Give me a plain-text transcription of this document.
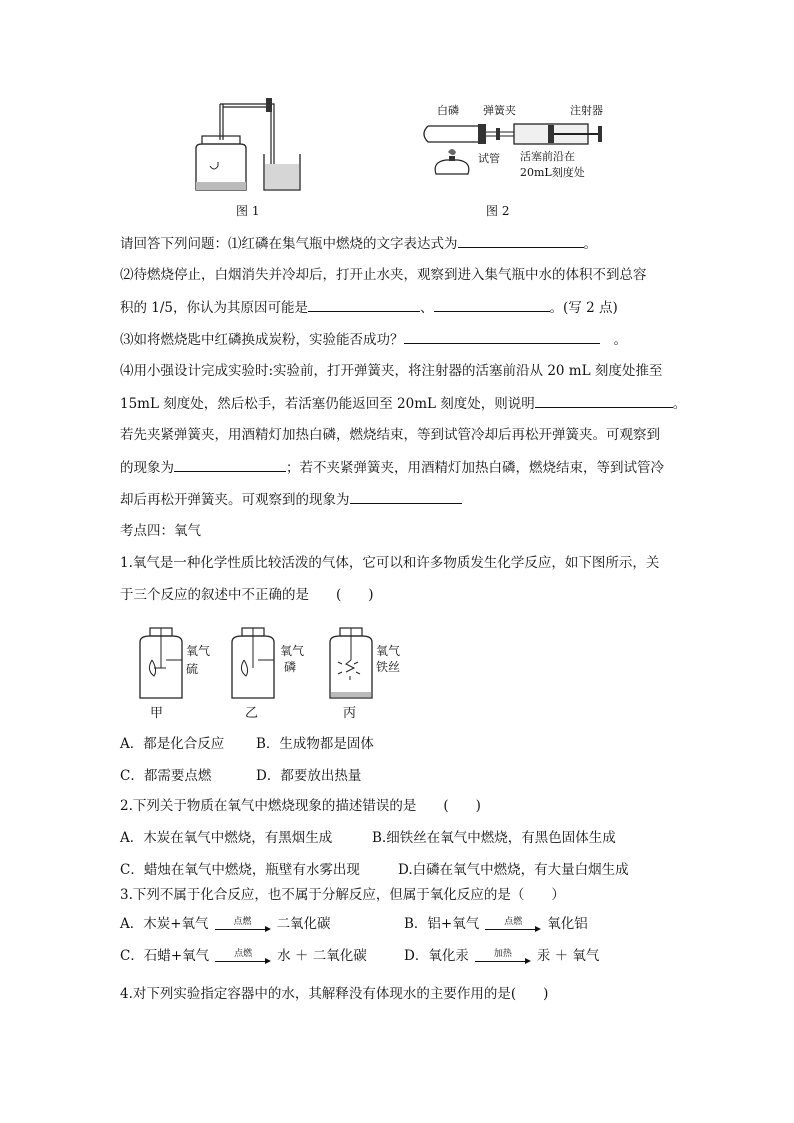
图 1
白磷 弹簧夹	注射器
试管 活塞前沿在
20mL刻度处
图 2
请回答下列问题：⑴红磷在集气瓶中燃烧的文字表达式为	。
⑵待燃烧停止，白烟消失并冷却后，打开止水夹，观察到进入集气瓶中水的体积不到总容
积的 1/5，你认为其原因可能是	、	。(写 2 点)
⑶如将燃烧匙中红磷换成炭粉，实验能否成功？	。
⑷用小强设计完成实验时:实验前，打开弹簧夹，将注射器的活塞前沿从 20 mL 刻度处推至
15mL 刻度处，然后松手，若活塞仍能返回至 20mL 刻度处，则说明	。
若先夹紧弹簧夹，用酒精灯加热白磷，燃烧结束，等到试管冷却后再松开弹簧夹。可观察到
的现象为	；若不夹紧弹簧夹，用酒精灯加热白磷，燃烧结束，等到试管冷
却后再松开弹簧夹。可观察到的现象为
考点四：氧气
1.氧气是一种化学性质比较活泼的气体，它可以和许多物质发生化学反应，如下图所示，关
于三个反应的叙述中不正确的是　　(　　)
氧气
硫
氧气
磷
氧气
铁丝
甲	乙	丙
A．都是化合反应 B．生成物都是固体
C．都需要点燃	D．都要放出热量
2.下列关于物质在氧气中燃烧现象的描述错误的是　　(　　)
A．木炭在氧气中燃烧，有黑烟生成	B.细铁丝在氧气中燃烧，有黑色固体生成
C．蜡烛在氧气中燃烧，瓶壁有水雾出现	D.白磷在氧气中燃烧，有大量白烟生成
3.下列不属于化合反应，也不属于分解反应，但属于氧化反应的是（　　）
A．木炭+氧气	点燃	二氧化碳	B．铝+氧气	点燃	氧化铝
C．石蜡+氧气	点燃	水 ＋ 二氧化碳	D．氧化汞	加热	汞 ＋ 氧气
4.对下列实验指定容器中的水，其解释没有体现水的主要作用的是(　　)
